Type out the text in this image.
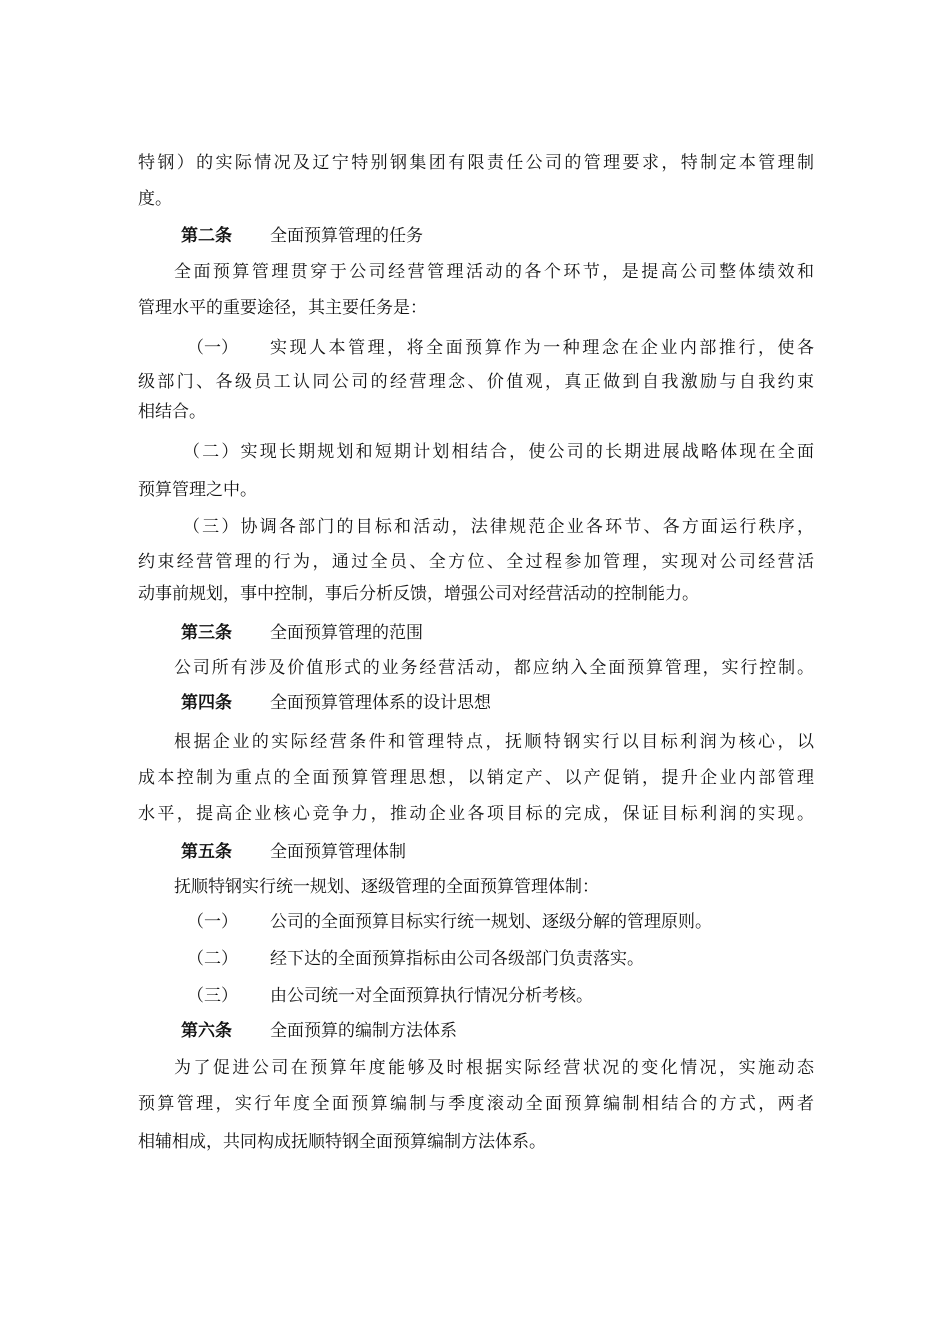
特钢）的实际情况及辽宁特别钢集团有限责任公司的管理要求，特制定本管理制
度。
第二条 全面预算管理的任务
全面预算管理贯穿于公司经营管理活动的各个环节，是提高公司整体绩效和
管理水平的重要途径，其主要任务是：
（一） 实现人本管理，将全面预算作为一种理念在企业内部推行，使各
级部门、各级员工认同公司的经营理念、价值观，真正做到自我激励与自我约束
相结合。
（二）实现长期规划和短期计划相结合，使公司的长期进展战略体现在全面
预算管理之中。
（三）协调各部门的目标和活动，法律规范企业各环节、各方面运行秩序，
约束经营管理的行为，通过全员、全方位、全过程参加管理，实现对公司经营活
动事前规划，事中控制，事后分析反馈，增强公司对经营活动的控制能力。
第三条 全面预算管理的范围
公司所有涉及价值形式的业务经营活动，都应纳入全面预算管理，实行控制。
第四条 全面预算管理体系的设计思想
根据企业的实际经营条件和管理特点，抚顺特钢实行以目标利润为核心，以
成本控制为重点的全面预算管理思想，以销定产、以产促销，提升企业内部管理
水平，提高企业核心竞争力，推动企业各项目标的完成，保证目标利润的实现。
第五条 全面预算管理体制
抚顺特钢实行统一规划、逐级管理的全面预算管理体制：
（一） 公司的全面预算目标实行统一规划、逐级分解的管理原则。
（二） 经下达的全面预算指标由公司各级部门负责落实。
（三） 由公司统一对全面预算执行情况分析考核。
第六条 全面预算的编制方法体系
为了促进公司在预算年度能够及时根据实际经营状况的变化情况，实施动态
预算管理，实行年度全面预算编制与季度滚动全面预算编制相结合的方式，两者
相辅相成，共同构成抚顺特钢全面预算编制方法体系。
